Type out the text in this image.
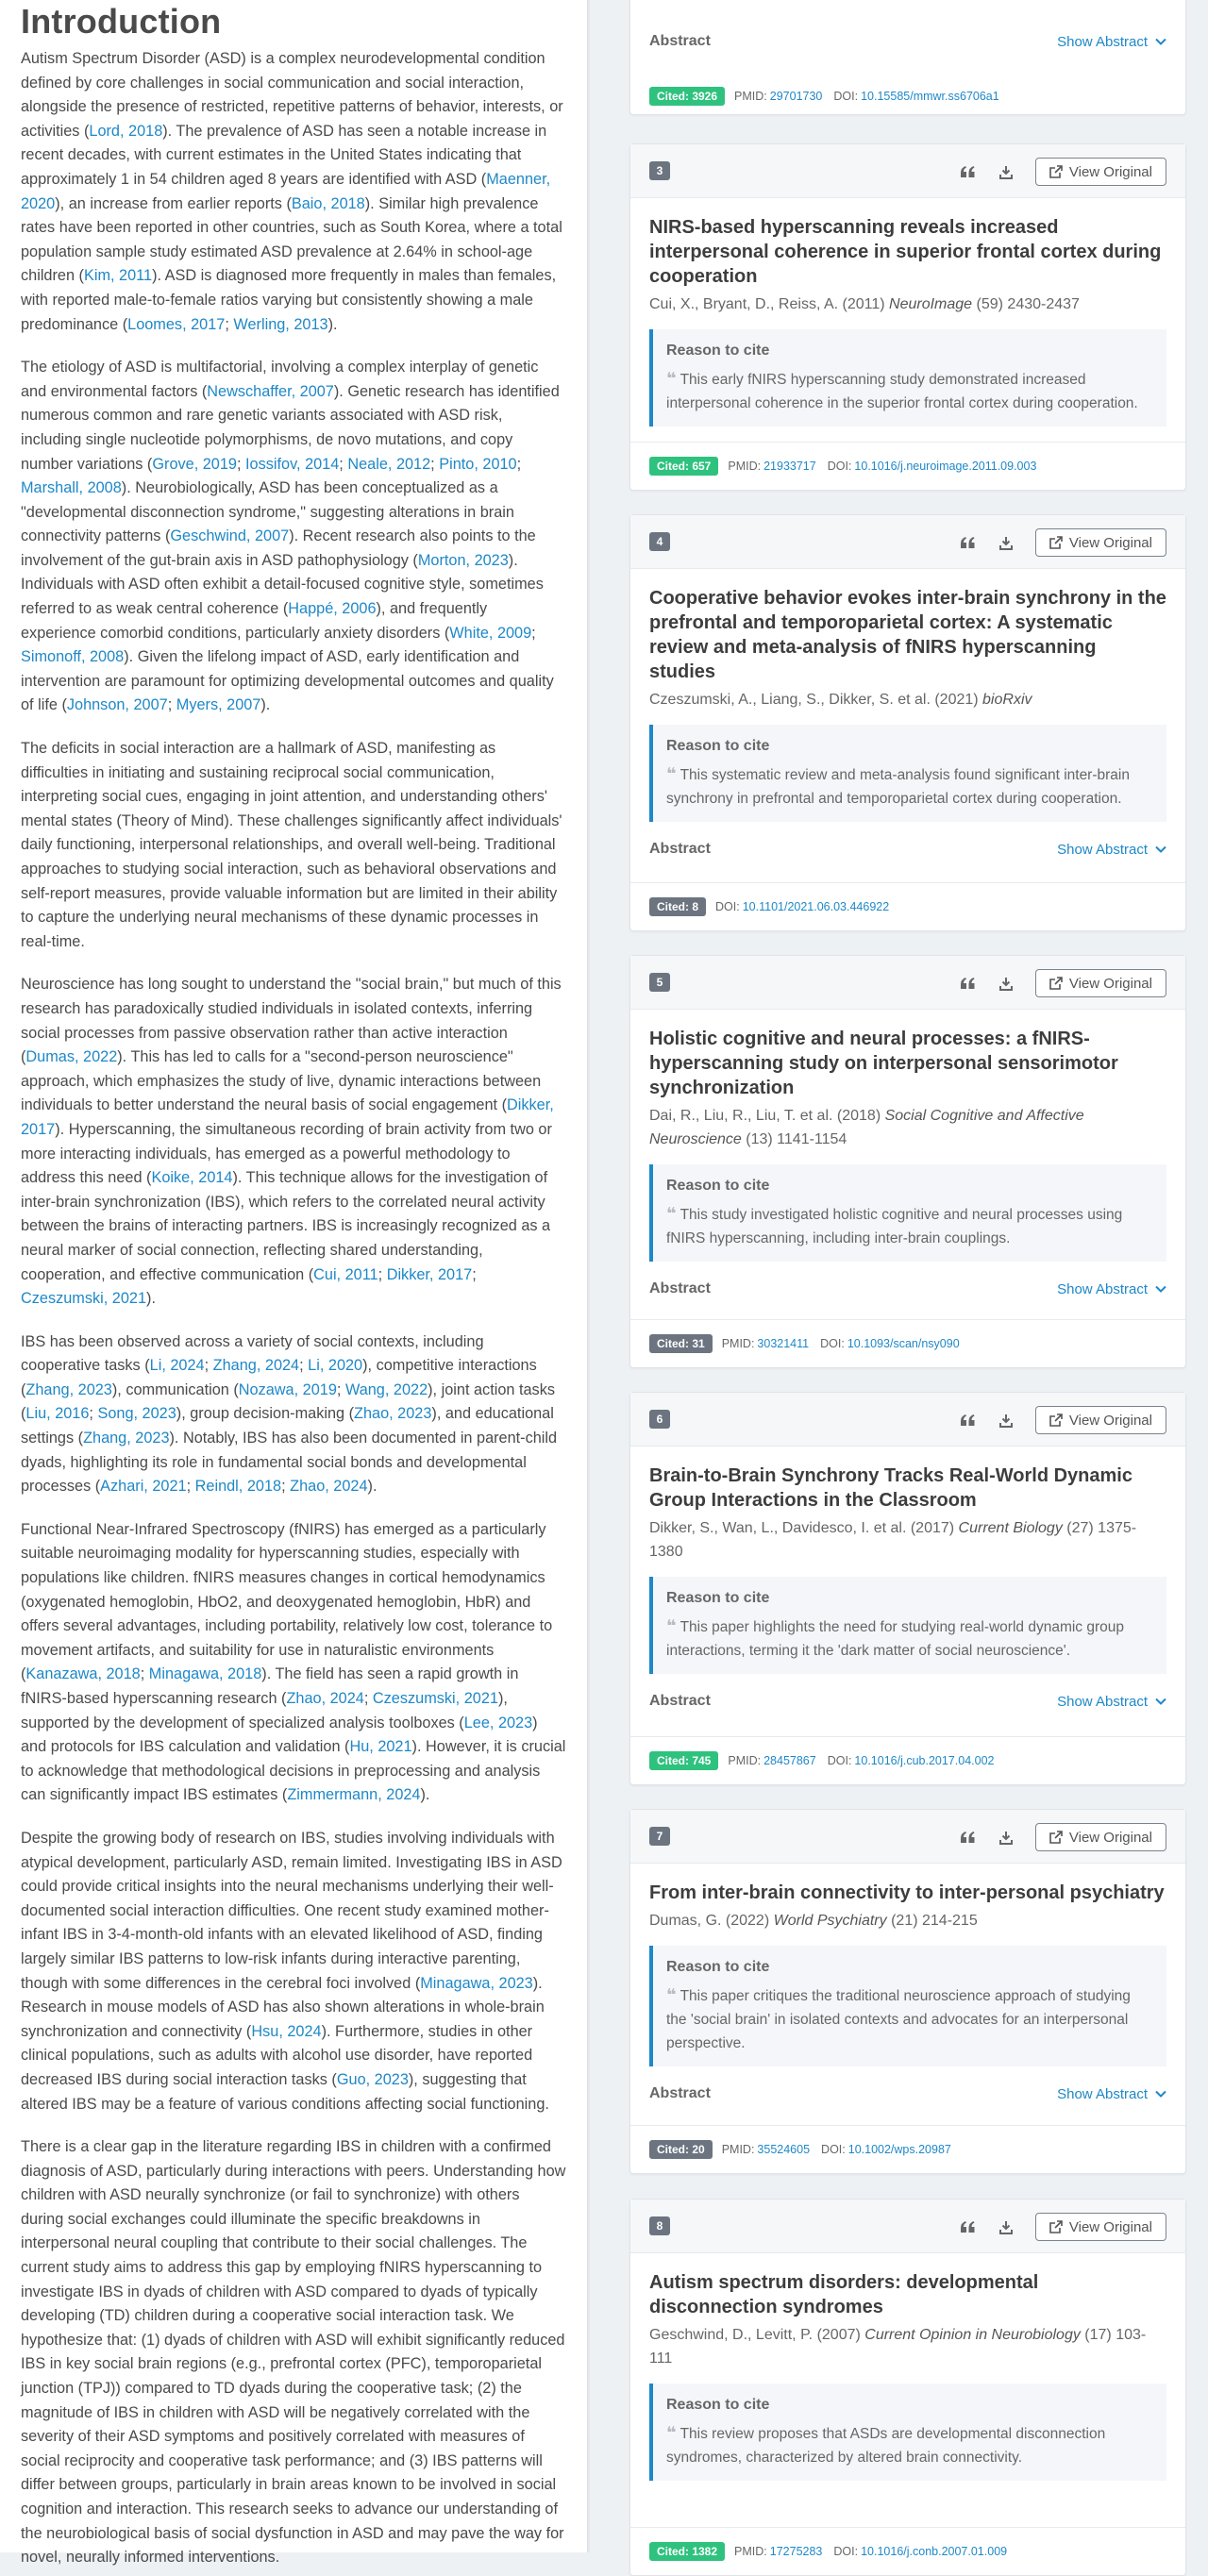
Introduction

Autism Spectrum Disorder (ASD) is a complex neurodevelopmental condition defined by core challenges in social communication and social interaction, alongside the presence of restricted, repetitive patterns of behavior, interests, or activities (Lord, 2018). The prevalence of ASD has seen a notable increase in recent decades, with current estimates in the United States indicating that approximately 1 in 54 children aged 8 years are identified with ASD (Maenner, 2020), an increase from earlier reports (Baio, 2018). Similar high prevalence rates have been reported in other countries, such as South Korea, where a total population sample study estimated ASD prevalence at 2.64% in school-age children (Kim, 2011). ASD is diagnosed more frequently in males than females, with reported male-to-female ratios varying but consistently showing a male predominance (Loomes, 2017; Werling, 2013).

The etiology of ASD is multifactorial, involving a complex interplay of genetic and environmental factors (Newschaffer, 2007). Genetic research has identified numerous common and rare genetic variants associated with ASD risk, including single nucleotide polymorphisms, de novo mutations, and copy number variations (Grove, 2019; Iossifov, 2014; Neale, 2012; Pinto, 2010; Marshall, 2008). Neurobiologically, ASD has been conceptualized as a "developmental disconnection syndrome," suggesting alterations in brain connectivity patterns (Geschwind, 2007). Recent research also points to the involvement of the gut-brain axis in ASD pathophysiology (Morton, 2023). Individuals with ASD often exhibit a detail-focused cognitive style, sometimes referred to as weak central coherence (Happé, 2006), and frequently experience comorbid conditions, particularly anxiety disorders (White, 2009; Simonoff, 2008). Given the lifelong impact of ASD, early identification and intervention are paramount for optimizing developmental outcomes and quality of life (Johnson, 2007; Myers, 2007).

The deficits in social interaction are a hallmark of ASD, manifesting as difficulties in initiating and sustaining reciprocal social communication, interpreting social cues, engaging in joint attention, and understanding others' mental states (Theory of Mind). These challenges significantly affect individuals' daily functioning, interpersonal relationships, and overall well-being. Traditional approaches to studying social interaction, such as behavioral observations and self-report measures, provide valuable information but are limited in their ability to capture the underlying neural mechanisms of these dynamic processes in real-time.

Neuroscience has long sought to understand the "social brain," but much of this research has paradoxically studied individuals in isolated contexts, inferring social processes from passive observation rather than active interaction (Dumas, 2022). This has led to calls for a "second-person neuroscience" approach, which emphasizes the study of live, dynamic interactions between individuals to better understand the neural basis of social engagement (Dikker, 2017). Hyperscanning, the simultaneous recording of brain activity from two or more interacting individuals, has emerged as a powerful methodology to address this need (Koike, 2014). This technique allows for the investigation of inter-brain synchronization (IBS), which refers to the correlated neural activity between the brains of interacting partners. IBS is increasingly recognized as a neural marker of social connection, reflecting shared understanding, cooperation, and effective communication (Cui, 2011; Dikker, 2017; Czeszumski, 2021).

IBS has been observed across a variety of social contexts, including cooperative tasks (Li, 2024; Zhang, 2024; Li, 2020), competitive interactions (Zhang, 2023), communication (Nozawa, 2019; Wang, 2022), joint action tasks (Liu, 2016; Song, 2023), group decision-making (Zhao, 2023), and educational settings (Zhang, 2023). Notably, IBS has also been documented in parent-child dyads, highlighting its role in fundamental social bonds and developmental processes (Azhari, 2021; Reindl, 2018; Zhao, 2024).

Functional Near-Infrared Spectroscopy (fNIRS) has emerged as a particularly suitable neuroimaging modality for hyperscanning studies, especially with populations like children. fNIRS measures changes in cortical hemodynamics (oxygenated hemoglobin, HbO2, and deoxygenated hemoglobin, HbR) and offers several advantages, including portability, relatively low cost, tolerance to movement artifacts, and suitability for use in naturalistic environments (Kanazawa, 2018; Minagawa, 2018). The field has seen a rapid growth in fNIRS-based hyperscanning research (Zhao, 2024; Czeszumski, 2021), supported by the development of specialized analysis toolboxes (Lee, 2023) and protocols for IBS calculation and validation (Hu, 2021). However, it is crucial to acknowledge that methodological decisions in preprocessing and analysis can significantly impact IBS estimates (Zimmermann, 2024).

Despite the growing body of research on IBS, studies involving individuals with atypical development, particularly ASD, remain limited. Investigating IBS in ASD could provide critical insights into the neural mechanisms underlying their well-documented social interaction difficulties. One recent study examined mother-infant IBS in 3-4-month-old infants with an elevated likelihood of ASD, finding largely similar IBS patterns to low-risk infants during interactive parenting, though with some differences in the cerebral foci involved (Minagawa, 2023). Research in mouse models of ASD has also shown alterations in whole-brain synchronization and connectivity (Hsu, 2024). Furthermore, studies in other clinical populations, such as adults with alcohol use disorder, have reported decreased IBS during social interaction tasks (Guo, 2023), suggesting that altered IBS may be a feature of various conditions affecting social functioning.

There is a clear gap in the literature regarding IBS in children with a confirmed diagnosis of ASD, particularly during interactions with peers. Understanding how children with ASD neurally synchronize (or fail to synchronize) with others during social exchanges could illuminate the specific breakdowns in interpersonal neural coupling that contribute to their social challenges. The current study aims to address this gap by employing fNIRS hyperscanning to investigate IBS in dyads of children with ASD compared to dyads of typically developing (TD) children during a cooperative social interaction task. We hypothesize that: (1) dyads of children with ASD will exhibit significantly reduced IBS in key social brain regions (e.g., prefrontal cortex (PFC), temporoparietal junction (TPJ)) compared to TD dyads during the cooperative task; (2) the magnitude of IBS in children with ASD will be negatively correlated with the severity of their ASD symptoms and positively correlated with measures of social reciprocity and cooperative task performance; and (3) IBS patterns will differ between groups, particularly in brain areas known to be involved in social cognition and interaction. This research seeks to advance our understanding of the neurobiological basis of social dysfunction in ASD and may pave the way for novel, neurally informed interventions.

Abstract	Show Abstract
Cited: 3926	PMID: 29701730 DOI: 10.15585/mmwr.ss6706a1
3	View Original
NIRS-based hyperscanning reveals increased interpersonal coherence in superior frontal cortex during cooperation
Cui, X., Bryant, D., Reiss, A. (2011) NeuroImage (59) 2430-2437
Reason to cite
❝ This early fNIRS hyperscanning study demonstrated increased interpersonal coherence in the superior frontal cortex during cooperation.
Cited: 657	PMID: 21933717 DOI: 10.1016/j.neuroimage.2011.09.003
4	View Original
Cooperative behavior evokes inter-brain synchrony in the prefrontal and temporoparietal cortex: A systematic review and meta-analysis of fNIRS hyperscanning studies
Czeszumski, A., Liang, S., Dikker, S. et al. (2021) bioRxiv
Reason to cite
❝ This systematic review and meta-analysis found significant inter-brain synchrony in prefrontal and temporoparietal cortex during cooperation.
Abstract	Show Abstract
Cited: 8	DOI: 10.1101/2021.06.03.446922
5	View Original
Holistic cognitive and neural processes: a fNIRS-hyperscanning study on interpersonal sensorimotor synchronization
Dai, R., Liu, R., Liu, T. et al. (2018) Social Cognitive and Affective Neuroscience (13) 1141-1154
Reason to cite
❝ This study investigated holistic cognitive and neural processes using fNIRS hyperscanning, including inter-brain couplings.
Abstract	Show Abstract
Cited: 31	PMID: 30321411 DOI: 10.1093/scan/nsy090
6	View Original
Brain-to-Brain Synchrony Tracks Real-World Dynamic Group Interactions in the Classroom
Dikker, S., Wan, L., Davidesco, I. et al. (2017) Current Biology (27) 1375-1380
Reason to cite
❝ This paper highlights the need for studying real-world dynamic group interactions, terming it the 'dark matter of social neuroscience'.
Abstract	Show Abstract
Cited: 745	PMID: 28457867 DOI: 10.1016/j.cub.2017.04.002
7	View Original
From inter-brain connectivity to inter-personal psychiatry
Dumas, G. (2022) World Psychiatry (21) 214-215
Reason to cite
❝ This paper critiques the traditional neuroscience approach of studying the 'social brain' in isolated contexts and advocates for an interpersonal perspective.
Abstract	Show Abstract
Cited: 20	PMID: 35524605 DOI: 10.1002/wps.20987
8	View Original
Autism spectrum disorders: developmental disconnection syndromes
Geschwind, D., Levitt, P. (2007) Current Opinion in Neurobiology (17) 103-111
Reason to cite
❝ This review proposes that ASDs are developmental disconnection syndromes, characterized by altered brain connectivity.
Cited: 1382	PMID: 17275283 DOI: 10.1016/j.conb.2007.01.009
